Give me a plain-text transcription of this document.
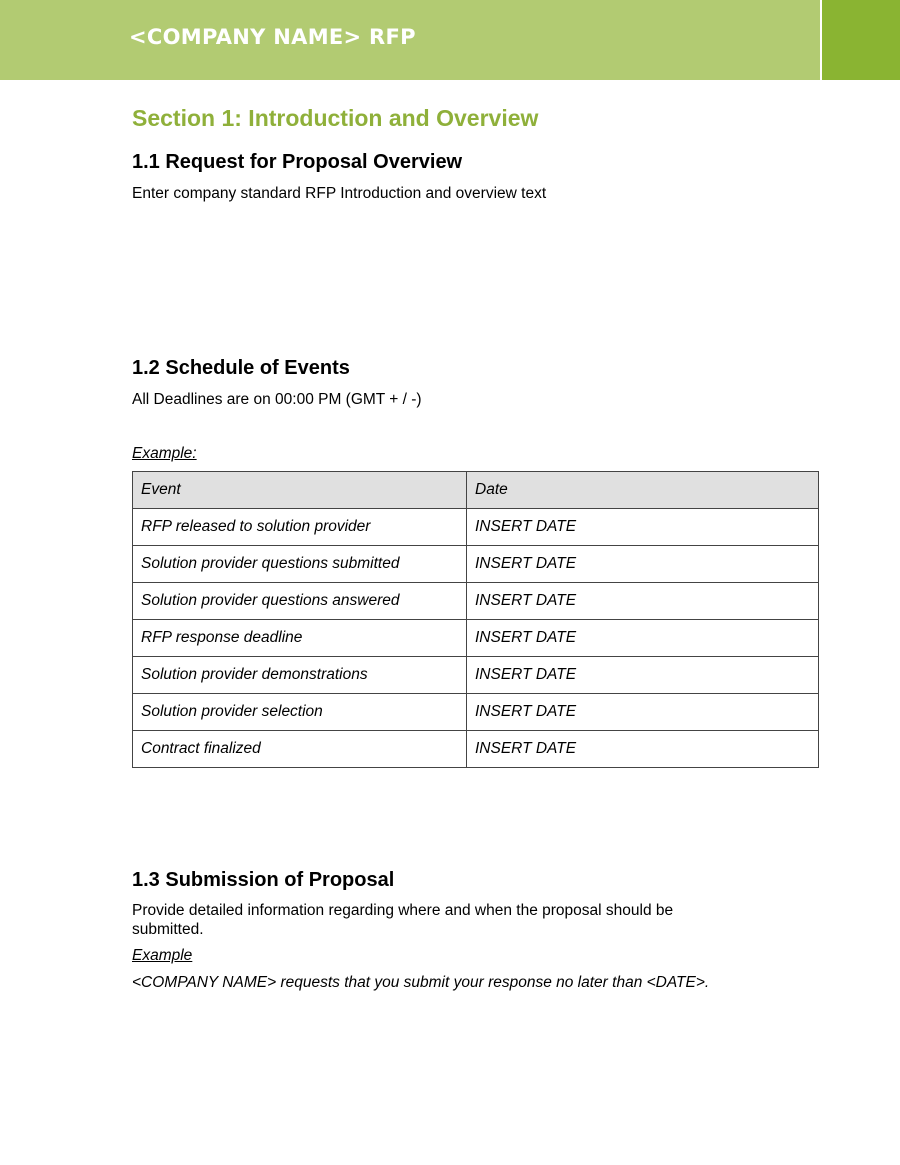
<COMPANY NAME> RFP
Section 1: Introduction and Overview
1.1 Request for Proposal Overview
Enter company standard RFP Introduction and overview text
1.2 Schedule of Events
All Deadlines are on 00:00 PM (GMT + / -)
Example:
Event	Date
RFP released to solution provider	INSERT DATE
Solution provider questions submitted	INSERT DATE
Solution provider questions answered	INSERT DATE
RFP response deadline	INSERT DATE
Solution provider demonstrations	INSERT DATE
Solution provider selection	INSERT DATE
Contract finalized	INSERT DATE
1.3 Submission of Proposal
Provide detailed information regarding where and when the proposal should be submitted.
Example
<COMPANY NAME> requests that you submit your response no later than <DATE>.
